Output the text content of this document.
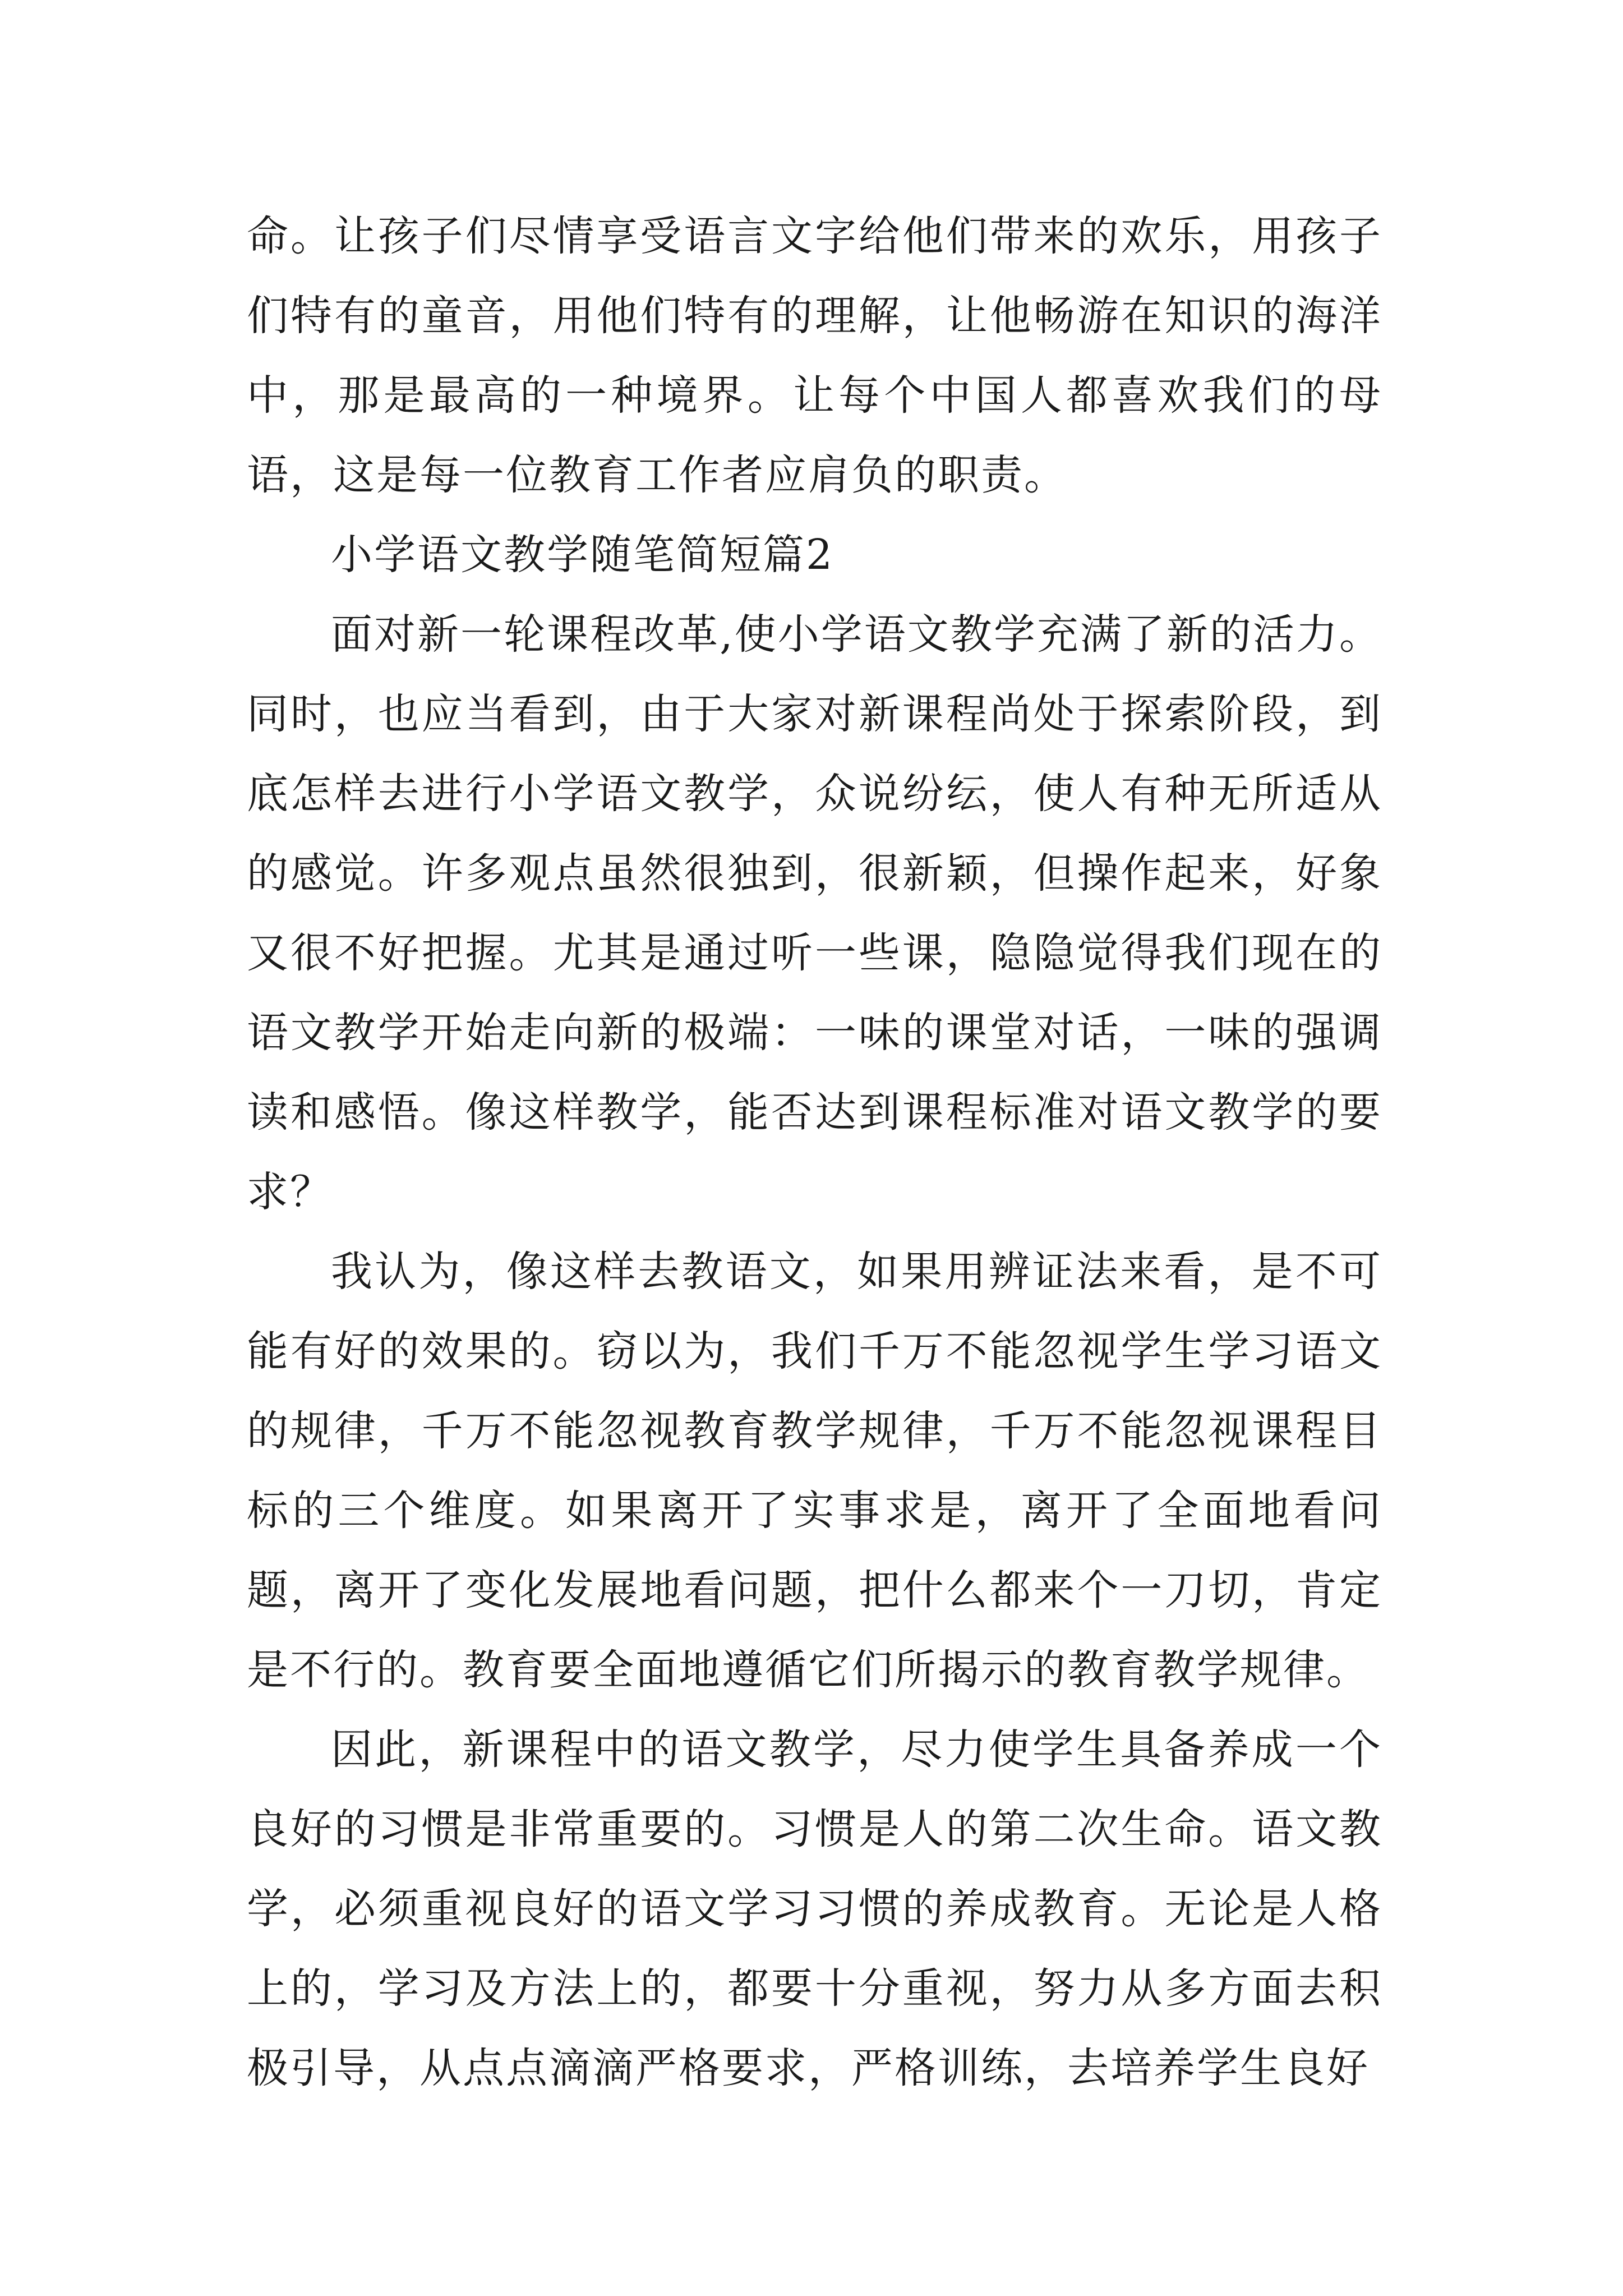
命。让孩子们尽情享受语言文字给他们带来的欢乐，用孩子们特有的童音，用他们特有的理解，让他畅游在知识的海洋中，那是最高的一种境界。让每个中国人都喜欢我们的母语，这是每一位教育工作者应肩负的职责。

小学语文教学随笔简短篇2

面对新一轮课程改革,使小学语文教学充满了新的活力。同时，也应当看到，由于大家对新课程尚处于探索阶段，到底怎样去进行小学语文教学，众说纷纭，使人有种无所适从的感觉。许多观点虽然很独到，很新颖，但操作起来，好象又很不好把握。尤其是通过听一些课，隐隐觉得我们现在的语文教学开始走向新的极端：一味的课堂对话，一味的强调读和感悟。像这样教学，能否达到课程标准对语文教学的要求？

我认为，像这样去教语文，如果用辨证法来看，是不可能有好的效果的。窃以为，我们千万不能忽视学生学习语文的规律，千万不能忽视教育教学规律，千万不能忽视课程目标的三个维度。如果离开了实事求是，离开了全面地看问题，离开了变化发展地看问题，把什么都来个一刀切，肯定是不行的。教育要全面地遵循它们所揭示的教育教学规律。

因此，新课程中的语文教学，尽力使学生具备养成一个良好的习惯是非常重要的。习惯是人的第二次生命。语文教学，必须重视良好的语文学习习惯的养成教育。无论是人格上的，学习及方法上的，都要十分重视，努力从多方面去积极引导，从点点滴滴严格要求，严格训练，去培养学生良好
